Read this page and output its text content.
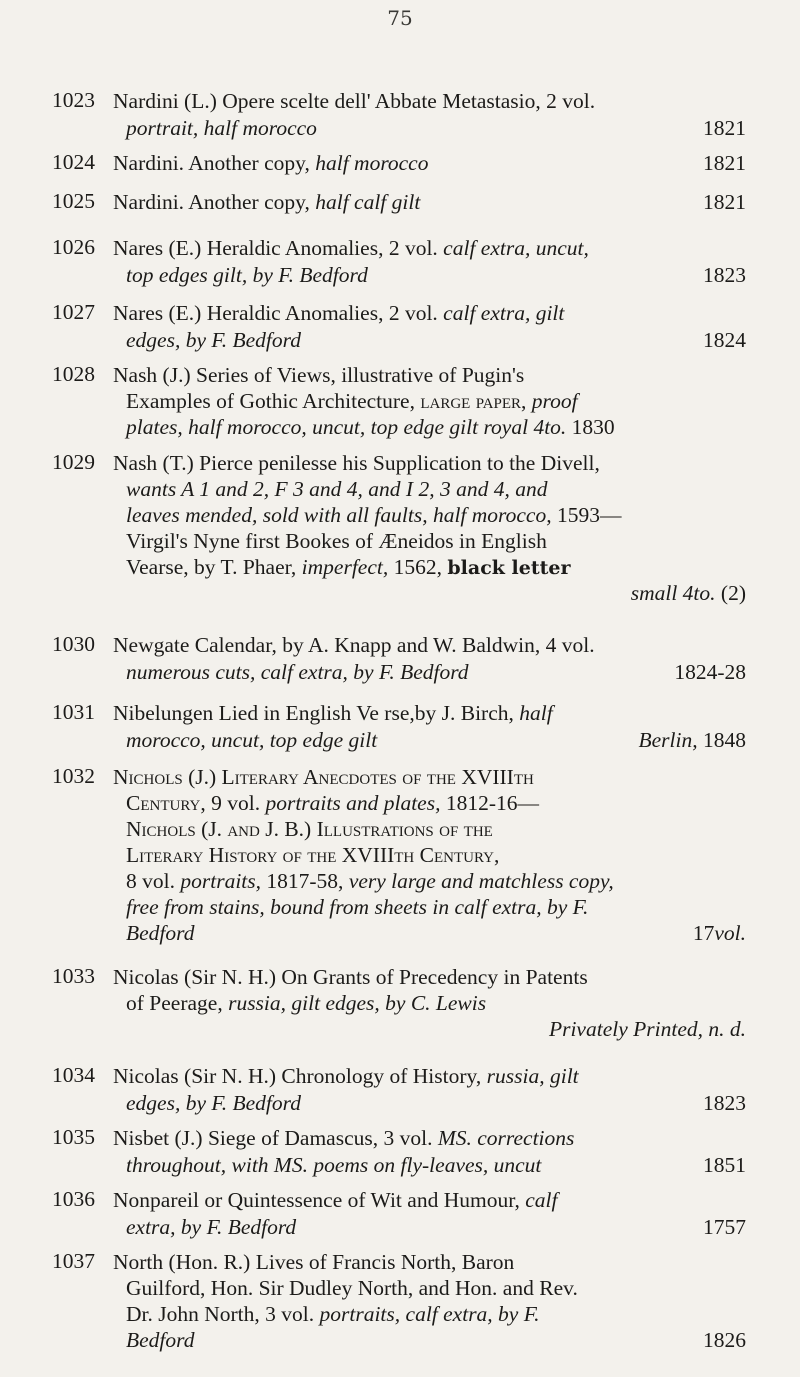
75
1023 Nardini (L.) Opere scelte dell' Abbate Metastasio, 2 vol.
portrait, half morocco	1821
1024 Nardini. Another copy, half morocco	1821
1025 Nardini. Another copy, half calf gilt	1821
1026 Nares (E.) Heraldic Anomalies, 2 vol. calf extra, uncut,
top edges gilt, by F. Bedford	1823
1027 Nares (E.) Heraldic Anomalies, 2 vol. calf extra, gilt
edges, by F. Bedford	1824
1028 Nash (J.) Series of Views, illustrative of Pugin's
Examples of Gothic Architecture, large paper, proof
plates, half morocco, uncut, top edge gilt royal 4to. 1830
1029 Nash (T.) Pierce penilesse his Supplication to the Divell,
wants A 1 and 2, F 3 and 4, and I 2, 3 and 4, and
leaves mended, sold with all faults, half morocco, 1593—
Virgil's Nyne first Bookes of Æneidos in English
Vearse, by T. Phaer, imperfect, 1562, black letter
small 4to. (2)
1030 Newgate Calendar, by A. Knapp and W. Baldwin, 4 vol.
numerous cuts, calf extra, by F. Bedford	1824-28
1031 Nibelungen Lied in English Ve rse,by J. Birch, half
morocco, uncut, top edge gilt	Berlin, 1848
1032 Nichols (J.) Literary Anecdotes of the XVIIIth
Century, 9 vol. portraits and plates, 1812-16—
Nichols (J. and J. B.) Illustrations of the
Literary History of the XVIIIth Century,
8 vol. portraits, 1817-58, very large and matchless copy,
free from stains, bound from sheets in calf extra, by F.
Bedford	17vol.
1033 Nicolas (Sir N. H.) On Grants of Precedency in Patents
of Peerage, russia, gilt edges, by C. Lewis
Privately Printed, n. d.
1034 Nicolas (Sir N. H.) Chronology of History, russia, gilt
edges, by F. Bedford	1823
1035 Nisbet (J.) Siege of Damascus, 3 vol. MS. corrections
throughout, with MS. poems on fly-leaves, uncut	1851
1036 Nonpareil or Quintessence of Wit and Humour, calf
extra, by F. Bedford	1757
1037 North (Hon. R.) Lives of Francis North, Baron
Guilford, Hon. Sir Dudley North, and Hon. and Rev.
Dr. John North, 3 vol. portraits, calf extra, by F.
Bedford	1826
